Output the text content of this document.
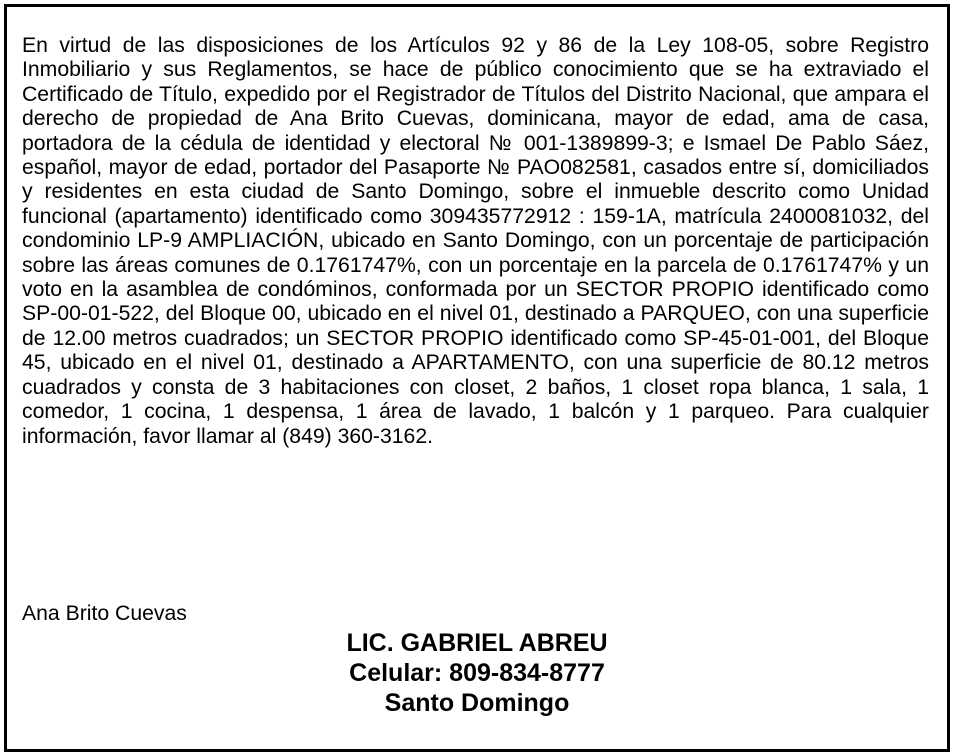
En virtud de las disposiciones de los Artículos 92 y 86 de la Ley 108-05, sobre Registro Inmobiliario y sus Reglamentos, se hace de público conocimiento que se ha extraviado el Certificado de Título, expedido por el Registrador de Títulos del Distrito Nacional, que ampara el derecho de propiedad de Ana Brito Cuevas, dominicana, mayor de edad, ama de casa, portadora de la cédula de identidad y electoral № 001-1389899-3; e Ismael De Pablo Sáez, español, mayor de edad, portador del Pasaporte № PAO082581, casados entre sí, domiciliados y residentes en esta ciudad de Santo Domingo, sobre el inmueble descrito como Unidad funcional (apartamento) identificado como 309435772912 : 159-1A, matrícula 2400081032, del condominio LP-9 AMPLIACIÓN, ubicado en Santo Domingo, con un porcentaje de participación sobre las áreas comunes de 0.1761747%, con un porcentaje en la parcela de 0.1761747% y un voto en la asamblea de condóminos, conformada por un SECTOR PROPIO identificado como SP-00-01-522, del Bloque 00, ubicado en el nivel 01, destinado a PARQUEO, con una superficie de 12.00 metros cuadrados; un SECTOR PROPIO identificado como SP-45-01-001, del Bloque 45, ubicado en el nivel 01, destinado a APARTAMENTO, con una superficie de 80.12 metros cuadrados y consta de 3 habitaciones con closet, 2 baños, 1 closet ropa blanca, 1 sala, 1 comedor, 1 cocina, 1 despensa, 1 área de lavado, 1 balcón y 1 parqueo. Para cualquier información, favor llamar al (849) 360-3162.

Ana Brito Cuevas

LIC. GABRIEL ABREU
Celular: 809-834-8777
Santo Domingo
